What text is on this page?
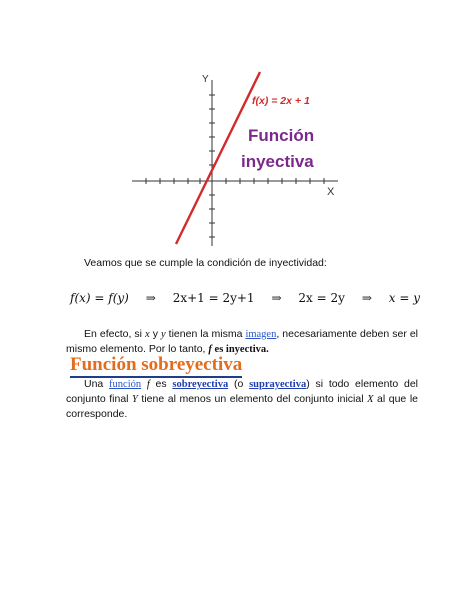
Y
X
f(x) = 2x + 1
Función
inyectiva

Veamos que se cumple la condición de inyectividad:

f(x) = f(y) ⇒ 2x+1 = 2y+1 ⇒ 2x = 2y ⇒ x = y

En efecto, si x y y tienen la misma imagen, necesariamente deben ser el mismo elemento. Por lo tanto, f es inyectiva.

Función sobreyectiva

Una función f es sobreyectiva (o suprayectiva) si todo elemento del conjunto final Y tiene al menos un elemento del conjunto inicial X al que le corresponde.
